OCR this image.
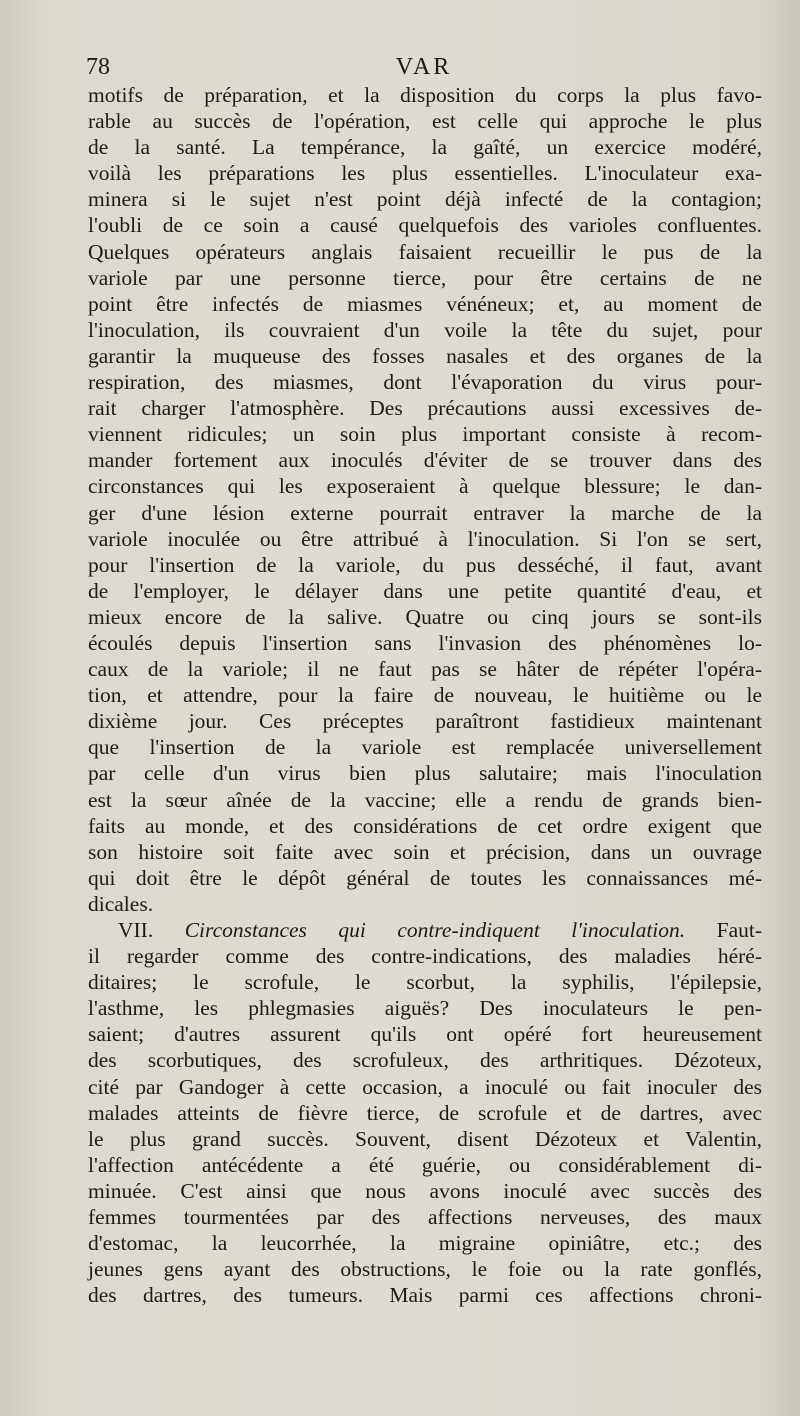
78	VAR
motifs de préparation, et la disposition du corps la plus favo-
rable au succès de l'opération, est celle qui approche le plus
de la santé. La tempérance, la gaîté, un exercice modéré,
voilà les préparations les plus essentielles. L'inoculateur exa-
minera si le sujet n'est point déjà infecté de la contagion;
l'oubli de ce soin a causé quelquefois des varioles confluentes.
Quelques opérateurs anglais faisaient recueillir le pus de la
variole par une personne tierce, pour être certains de ne
point être infectés de miasmes vénéneux; et, au moment de
l'inoculation, ils couvraient d'un voile la tête du sujet, pour
garantir la muqueuse des fosses nasales et des organes de la
respiration, des miasmes, dont l'évaporation du virus pour-
rait charger l'atmosphère. Des précautions aussi excessives de-
viennent ridicules; un soin plus important consiste à recom-
mander fortement aux inoculés d'éviter de se trouver dans des
circonstances qui les exposeraient à quelque blessure; le dan-
ger d'une lésion externe pourrait entraver la marche de la
variole inoculée ou être attribué à l'inoculation. Si l'on se sert,
pour l'insertion de la variole, du pus desséché, il faut, avant
de l'employer, le délayer dans une petite quantité d'eau, et
mieux encore de la salive. Quatre ou cinq jours se sont-ils
écoulés depuis l'insertion sans l'invasion des phénomènes lo-
caux de la variole; il ne faut pas se hâter de répéter l'opéra-
tion, et attendre, pour la faire de nouveau, le huitième ou le
dixième jour. Ces préceptes paraîtront fastidieux maintenant
que l'insertion de la variole est remplacée universellement
par celle d'un virus bien plus salutaire; mais l'inoculation
est la sœur aînée de la vaccine; elle a rendu de grands bien-
faits au monde, et des considérations de cet ordre exigent que
son histoire soit faite avec soin et précision, dans un ouvrage
qui doit être le dépôt général de toutes les connaissances mé-
dicales.
VII. Circonstances qui contre-indiquent l'inoculation. Faut-
il regarder comme des contre-indications, des maladies héré-
ditaires; le scrofule, le scorbut, la syphilis, l'épilepsie,
l'asthme, les phlegmasies aiguës? Des inoculateurs le pen-
saient; d'autres assurent qu'ils ont opéré fort heureusement
des scorbutiques, des scrofuleux, des arthritiques. Dézoteux,
cité par Gandoger à cette occasion, a inoculé ou fait inoculer des
malades atteints de fièvre tierce, de scrofule et de dartres, avec
le plus grand succès. Souvent, disent Dézoteux et Valentin,
l'affection antécédente a été guérie, ou considérablement di-
minuée. C'est ainsi que nous avons inoculé avec succès des
femmes tourmentées par des affections nerveuses, des maux
d'estomac, la leucorrhée, la migraine opiniâtre, etc.; des
jeunes gens ayant des obstructions, le foie ou la rate gonflés,
des dartres, des tumeurs. Mais parmi ces affections chroni-
